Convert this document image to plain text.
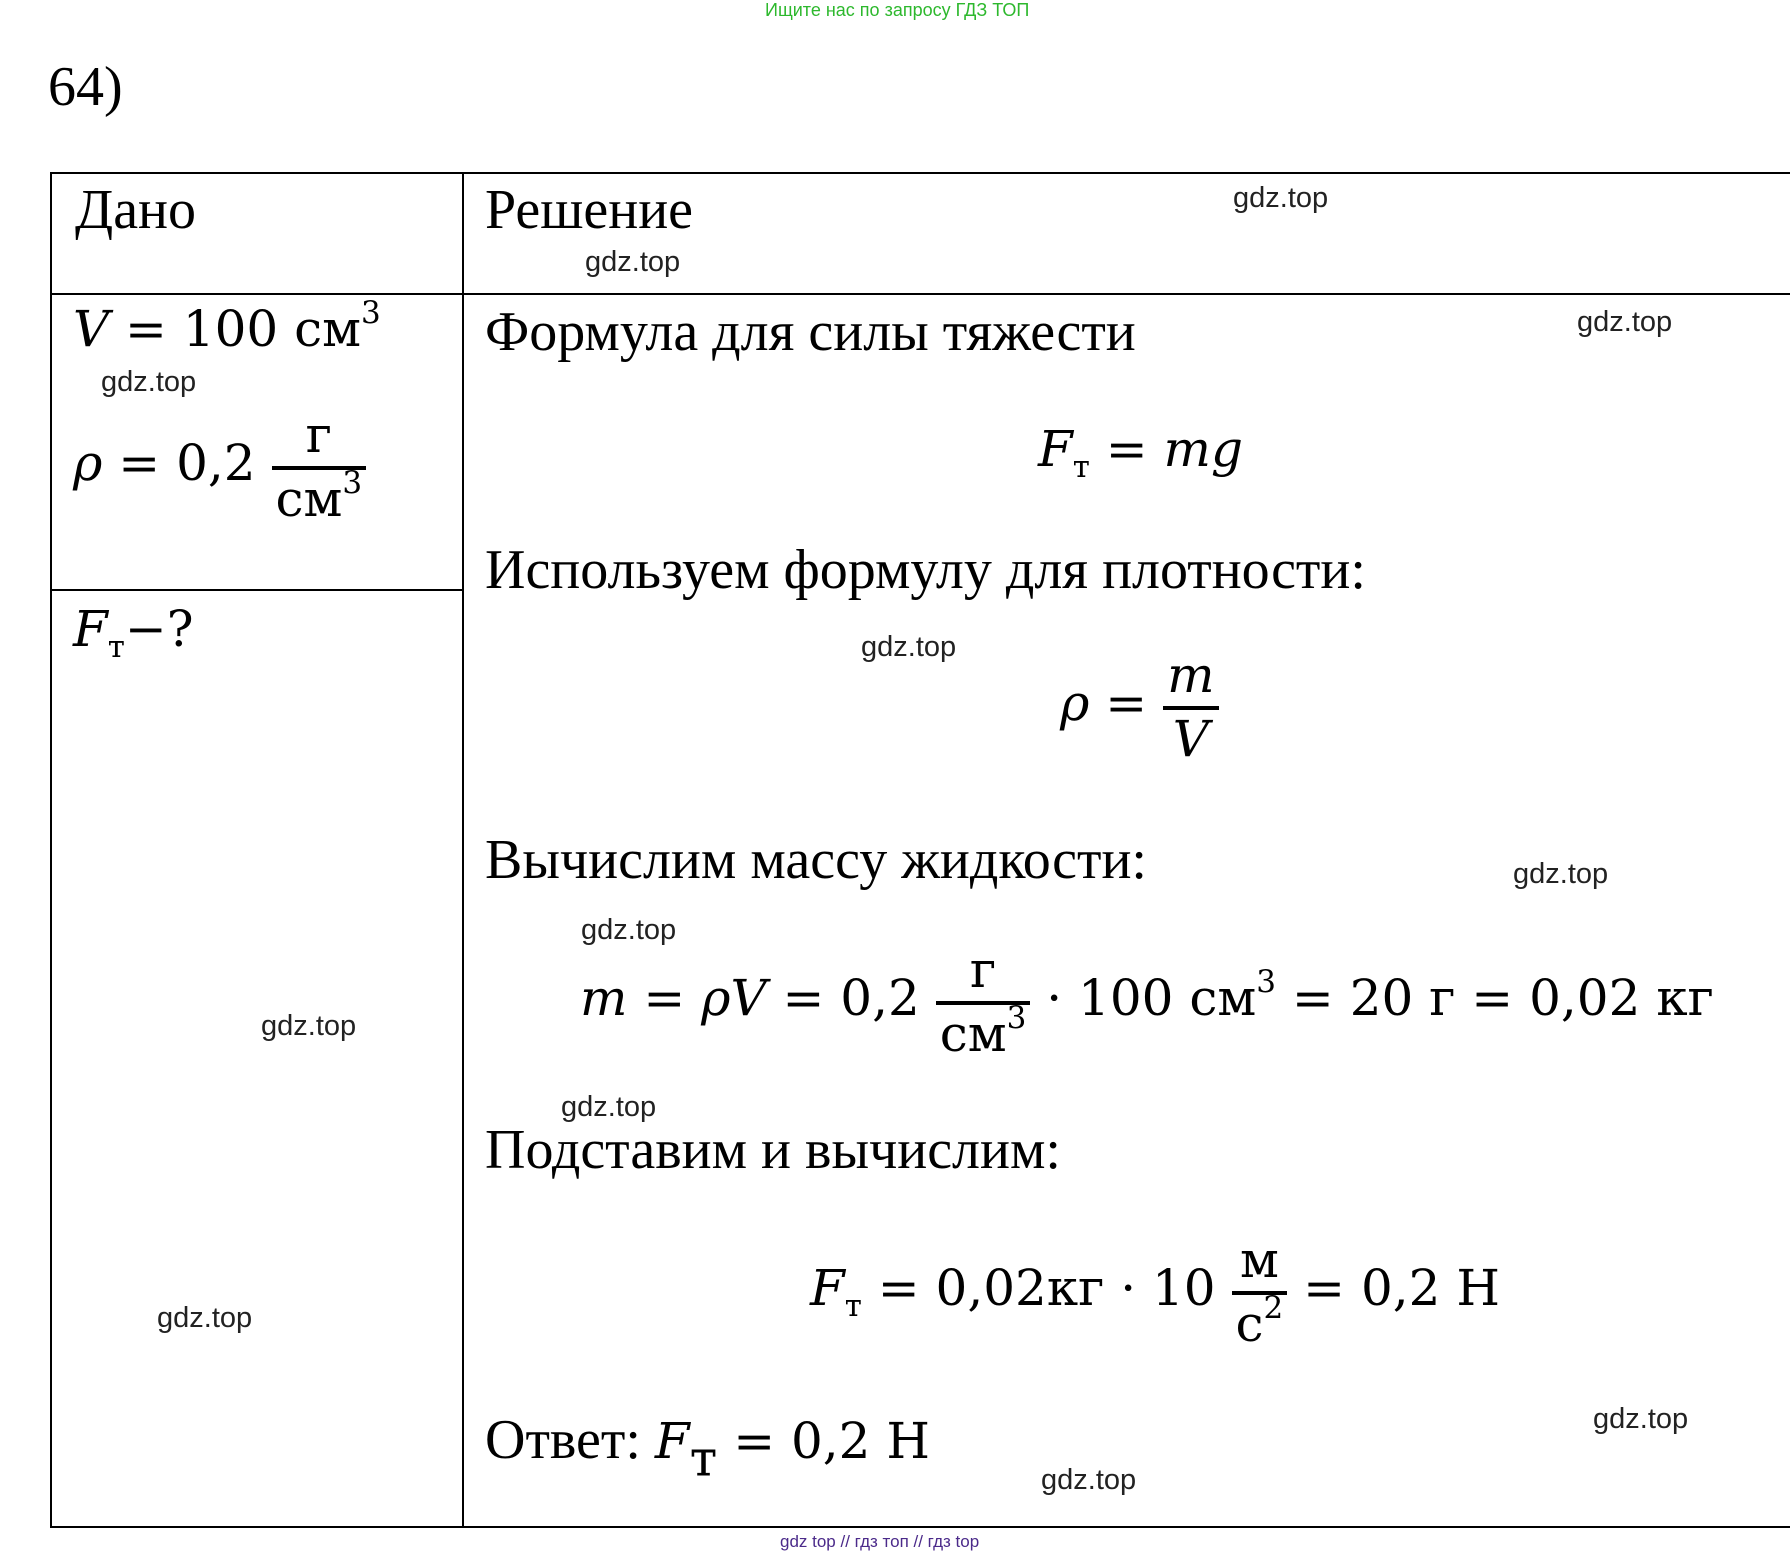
Ищите нас по запросу ГДЗ ТОП
64)
Дано	Решение
V = 100 $см^3$
$\rho = 0,2 \frac{г}{см^3}$
$F_т-$?
Формула для силы тяжести
$F_т$ = mg
Используем формулу для плотности:
$\rho = \frac{m}{V}$
Вычислим массу жидкости:
$m = \rho V = 0,2 \frac{г}{см^3} \cdot 100$ $см^3 = 20$ г = 0,02 кг
Подставим и вычислим:
$F_т = 0,02кг \cdot 10 \frac{м}{с^2} = 0,2$ Н
Ответ: $F_т = 0,2$ Н
gdz.top
gdz.top
gdz.top
gdz.top
gdz.top
gdz.top
gdz.top
gdz.top
gdz.top
gdz.top
gdz.top
gdz.top
gdz top // гдз топ // гдз top
